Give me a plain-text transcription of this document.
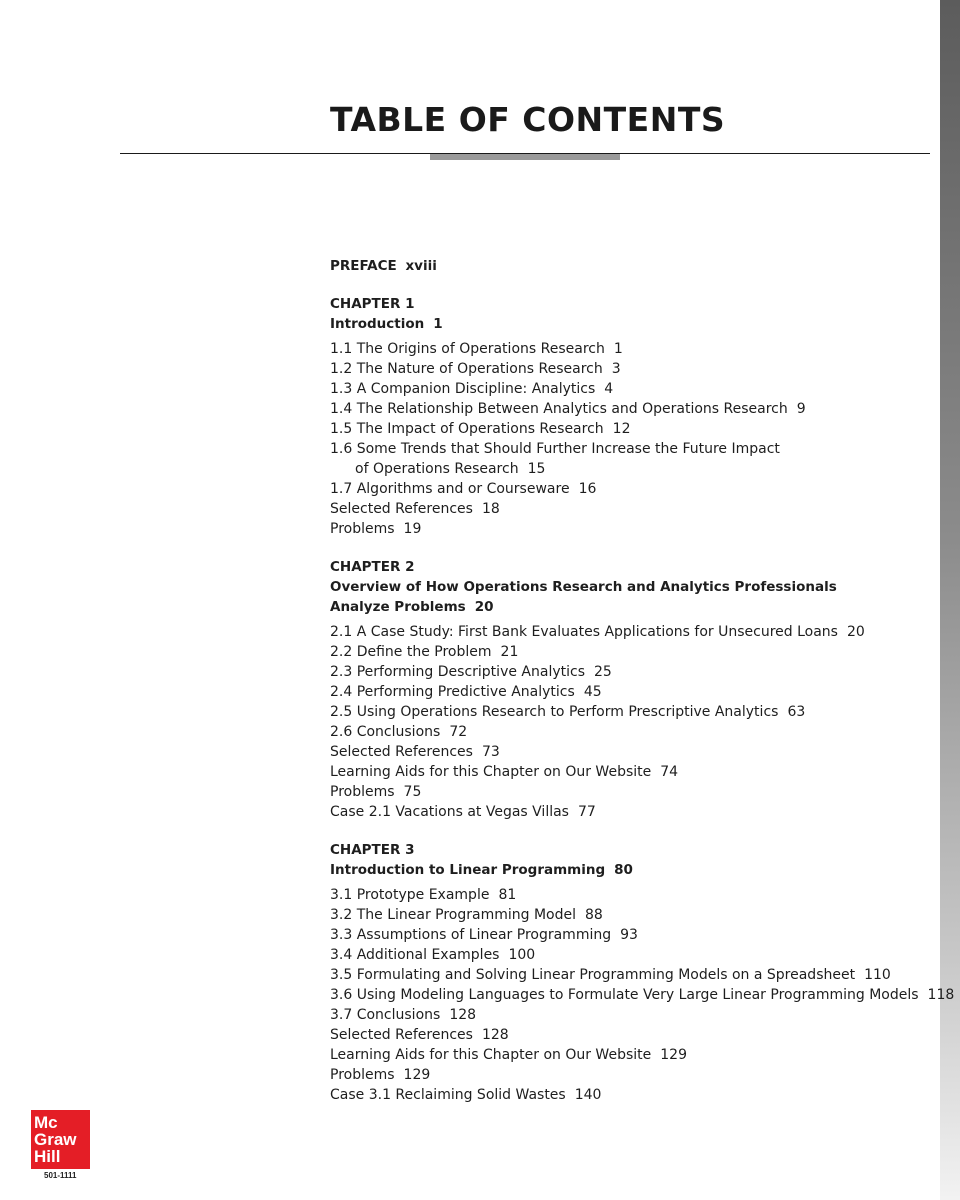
TABLE OF CONTENTS
PREFACE xviii
CHAPTER 1
Introduction 1
1.1 The Origins of Operations Research 1
1.2 The Nature of Operations Research 3
1.3 A Companion Discipline: Analytics 4
1.4 The Relationship Between Analytics and Operations Research 9
1.5 The Impact of Operations Research 12
1.6 Some Trends that Should Further Increase the Future Impact
of Operations Research 15
1.7 Algorithms and or Courseware 16
Selected References 18
Problems 19
CHAPTER 2
Overview of How Operations Research and Analytics Professionals
Analyze Problems 20
2.1 A Case Study: First Bank Evaluates Applications for Unsecured Loans 20
2.2 Define the Problem 21
2.3 Performing Descriptive Analytics 25
2.4 Performing Predictive Analytics 45
2.5 Using Operations Research to Perform Prescriptive Analytics 63
2.6 Conclusions 72
Selected References 73
Learning Aids for this Chapter on Our Website 74
Problems 75
Case 2.1 Vacations at Vegas Villas 77
CHAPTER 3
Introduction to Linear Programming 80
3.1 Prototype Example 81
3.2 The Linear Programming Model 88
3.3 Assumptions of Linear Programming 93
3.4 Additional Examples 100
3.5 Formulating and Solving Linear Programming Models on a Spreadsheet 110
3.6 Using Modeling Languages to Formulate Very Large Linear Programming Models 118
3.7 Conclusions 128
Selected References 128
Learning Aids for this Chapter on Our Website 129
Problems 129
Case 3.1 Reclaiming Solid Wastes 140
Mc
Graw
Hill
501-1111
